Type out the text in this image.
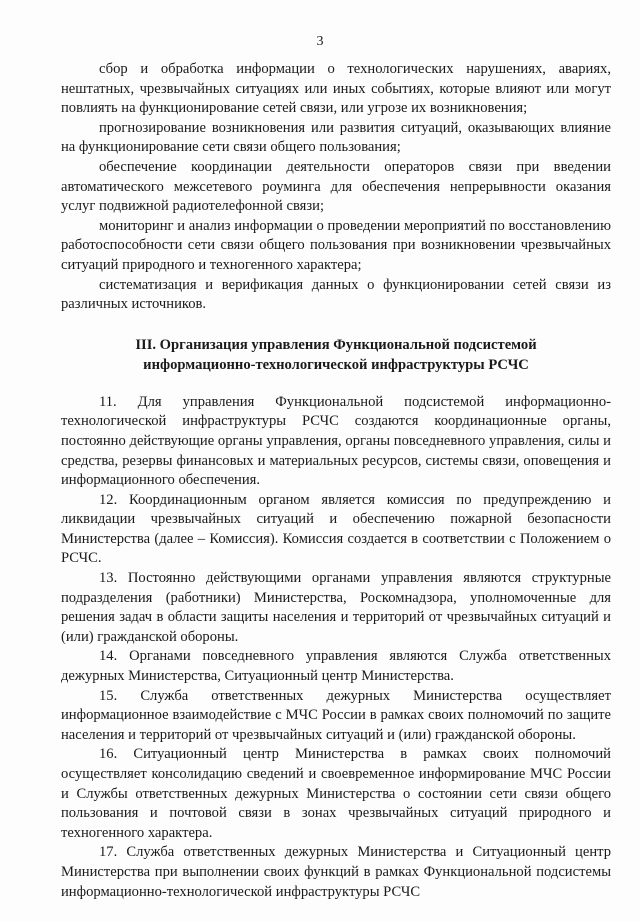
3

сбор и обработка информации о технологических нарушениях, авариях, нештатных, чрезвычайных ситуациях или иных событиях, которые влияют или могут повлиять на функционирование сетей связи, или угрозе их возникновения;

прогнозирование возникновения или развития ситуаций, оказывающих влияние на функционирование сети связи общего пользования;

обеспечение координации деятельности операторов связи при введении автоматического межсетевого роуминга для обеспечения непрерывности оказания услуг подвижной радиотелефонной связи;

мониторинг и анализ информации о проведении мероприятий по восстановлению работоспособности сети связи общего пользования при возникновении чрезвычайных ситуаций природного и техногенного характера;

систематизация и верификация данных о функционировании сетей связи из различных источников.

III. Организация управления Функциональной подсистемой
информационно-технологической инфраструктуры РСЧС

11. Для управления Функциональной подсистемой информационно-технологической инфраструктуры РСЧС создаются координационные органы, постоянно действующие органы управления, органы повседневного управления, силы и средства, резервы финансовых и материальных ресурсов, системы связи, оповещения и информационного обеспечения.

12. Координационным органом является комиссия по предупреждению и ликвидации чрезвычайных ситуаций и обеспечению пожарной безопасности Министерства (далее – Комиссия). Комиссия создается в соответствии с Положением о РСЧС.

13. Постоянно действующими органами управления являются структурные подразделения (работники) Министерства, Роскомнадзора, уполномоченные для решения задач в области защиты населения и территорий от чрезвычайных ситуаций и (или) гражданской обороны.

14. Органами повседневного управления являются Служба ответственных дежурных Министерства, Ситуационный центр Министерства.

15. Служба ответственных дежурных Министерства осуществляет информационное взаимодействие с МЧС России в рамках своих полномочий по защите населения и территорий от чрезвычайных ситуаций и (или) гражданской обороны.

16. Ситуационный центр Министерства в рамках своих полномочий осуществляет консолидацию сведений и своевременное информирование МЧС России и Службы ответственных дежурных Министерства о состоянии сети связи общего пользования и почтовой связи в зонах чрезвычайных ситуаций природного и техногенного характера.

17. Служба ответственных дежурных Министерства и Ситуационный центр Министерства при выполнении своих функций в рамках Функциональной подсистемы информационно-технологической инфраструктуры РСЧС
